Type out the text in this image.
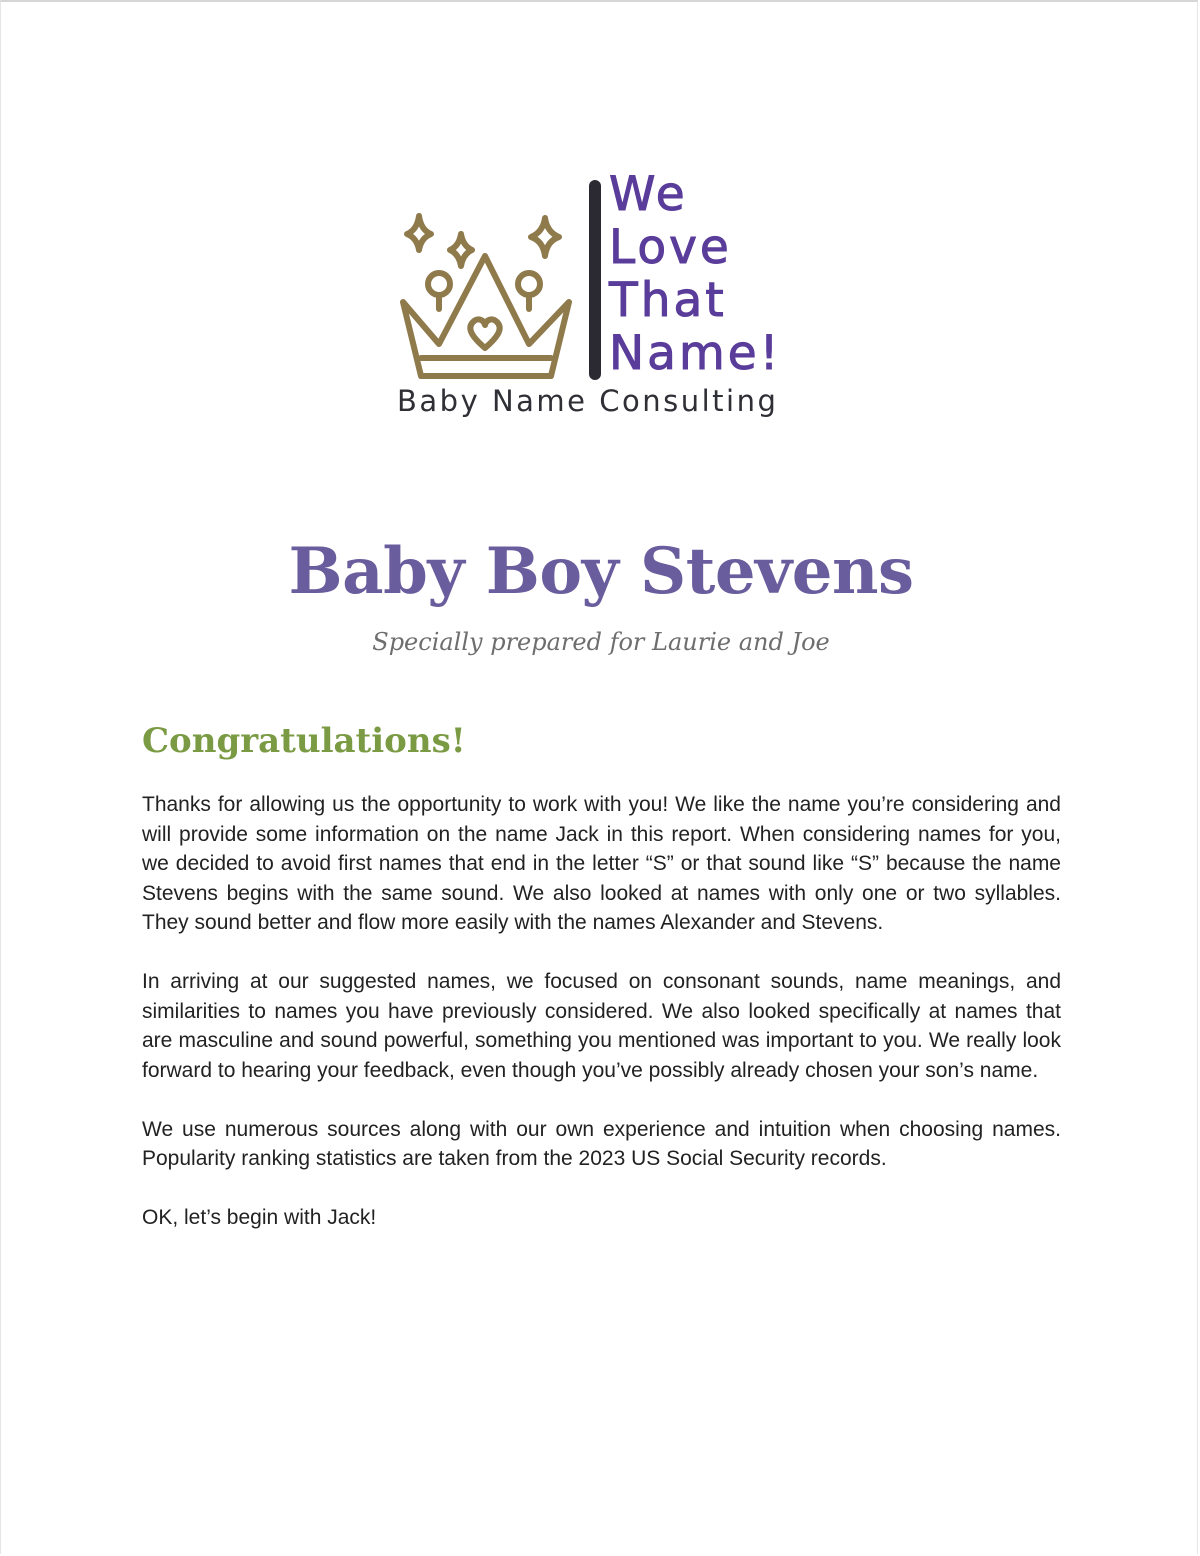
We
Love
That
Name!
Baby Name Consulting
Baby Boy Stevens
Specially prepared for Laurie and Joe
Congratulations!

Thanks for allowing us the opportunity to work with you! We like the name you’re considering and will provide some information on the name Jack in this report. When considering names for you, we decided to avoid first names that end in the letter “S” or that sound like “S” because the name Stevens begins with the same sound. We also looked at names with only one or two syllables. They sound better and flow more easily with the names Alexander and Stevens.

In arriving at our suggested names, we focused on consonant sounds, name meanings, and similarities to names you have previously considered. We also looked specifically at names that are masculine and sound powerful, something you mentioned was important to you. We really look forward to hearing your feedback, even though you’ve possibly already chosen your son’s name.

We use numerous sources along with our own experience and intuition when choosing names. Popularity ranking statistics are taken from the 2023 US Social Security records.

OK, let’s begin with Jack!
